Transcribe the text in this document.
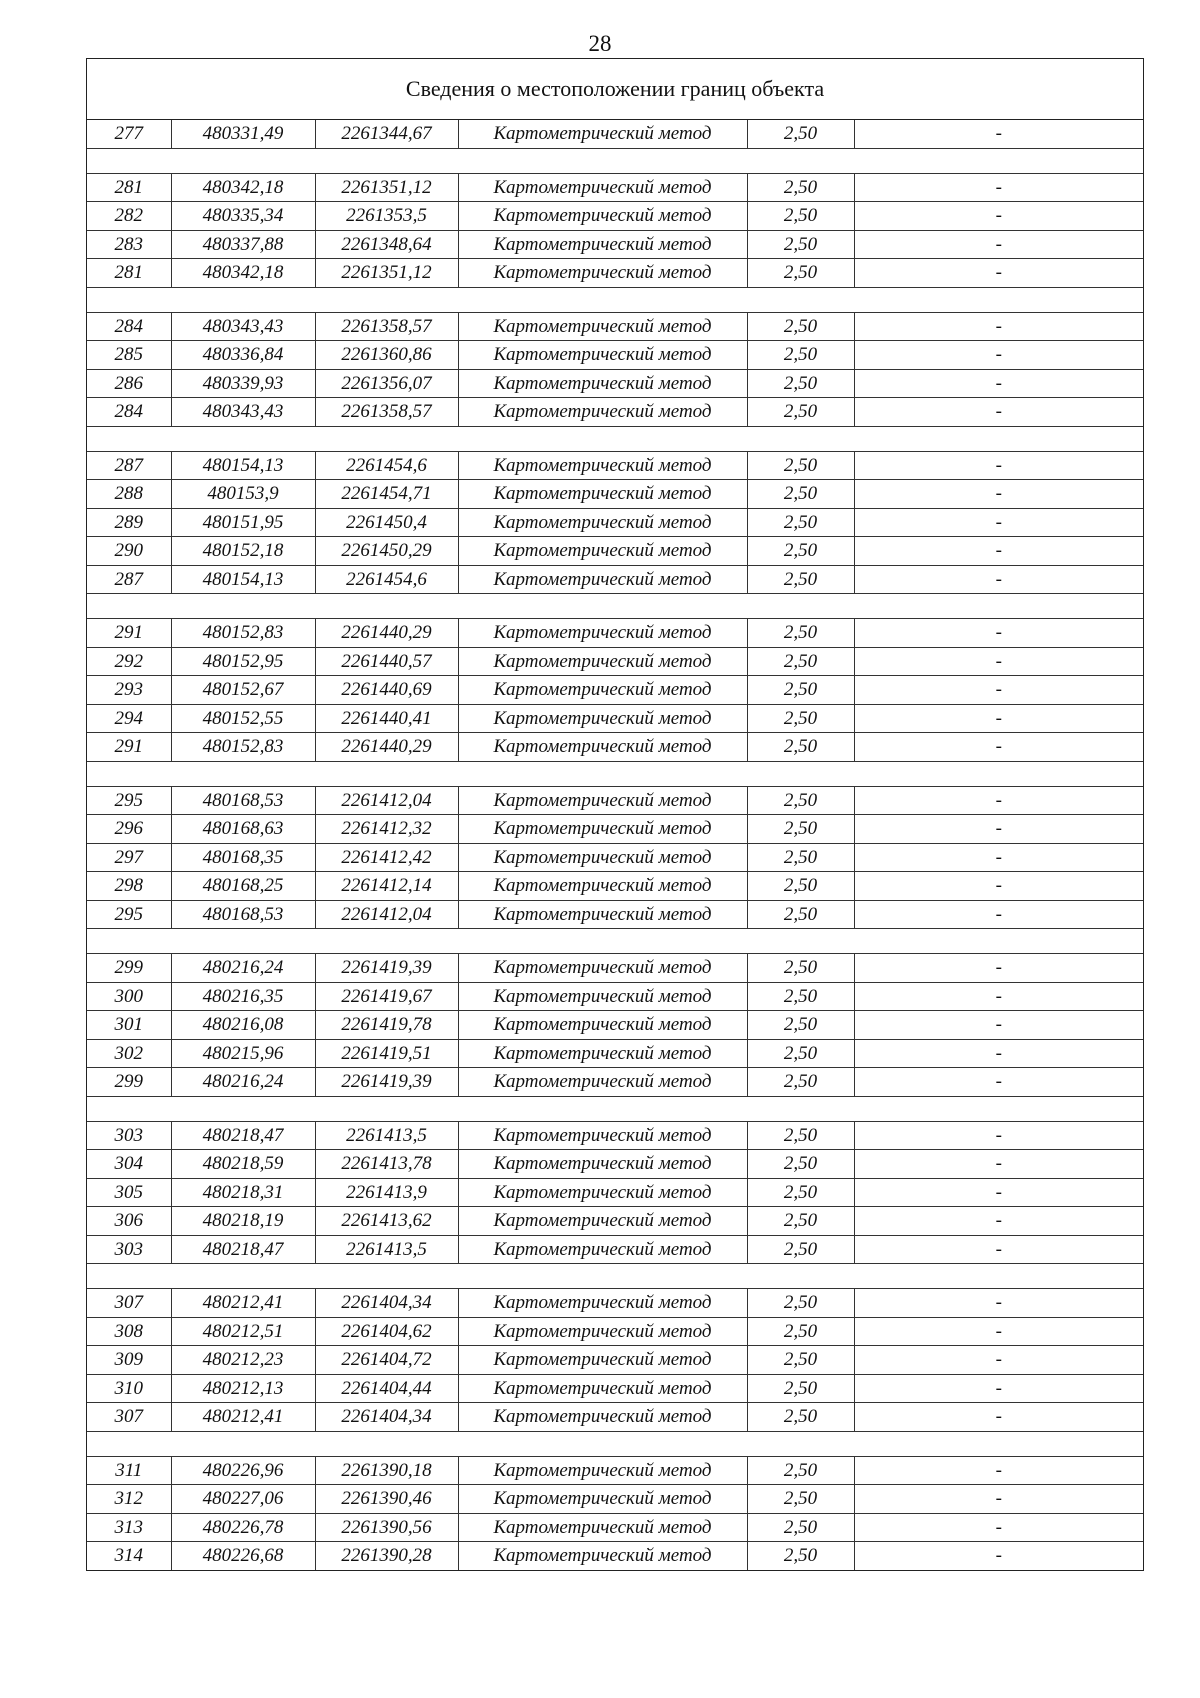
28
Сведения о местоположении границ объекта
277	480331,49	2261344,67	Картометрический метод	2,50	-

281	480342,18	2261351,12	Картометрический метод	2,50	-
282	480335,34	2261353,5	Картометрический метод	2,50	-
283	480337,88	2261348,64	Картометрический метод	2,50	-
281	480342,18	2261351,12	Картометрический метод	2,50	-

284	480343,43	2261358,57	Картометрический метод	2,50	-
285	480336,84	2261360,86	Картометрический метод	2,50	-
286	480339,93	2261356,07	Картометрический метод	2,50	-
284	480343,43	2261358,57	Картометрический метод	2,50	-

287	480154,13	2261454,6	Картометрический метод	2,50	-
288	480153,9	2261454,71	Картометрический метод	2,50	-
289	480151,95	2261450,4	Картометрический метод	2,50	-
290	480152,18	2261450,29	Картометрический метод	2,50	-
287	480154,13	2261454,6	Картометрический метод	2,50	-

291	480152,83	2261440,29	Картометрический метод	2,50	-
292	480152,95	2261440,57	Картометрический метод	2,50	-
293	480152,67	2261440,69	Картометрический метод	2,50	-
294	480152,55	2261440,41	Картометрический метод	2,50	-
291	480152,83	2261440,29	Картометрический метод	2,50	-

295	480168,53	2261412,04	Картометрический метод	2,50	-
296	480168,63	2261412,32	Картометрический метод	2,50	-
297	480168,35	2261412,42	Картометрический метод	2,50	-
298	480168,25	2261412,14	Картометрический метод	2,50	-
295	480168,53	2261412,04	Картометрический метод	2,50	-

299	480216,24	2261419,39	Картометрический метод	2,50	-
300	480216,35	2261419,67	Картометрический метод	2,50	-
301	480216,08	2261419,78	Картометрический метод	2,50	-
302	480215,96	2261419,51	Картометрический метод	2,50	-
299	480216,24	2261419,39	Картометрический метод	2,50	-

303	480218,47	2261413,5	Картометрический метод	2,50	-
304	480218,59	2261413,78	Картометрический метод	2,50	-
305	480218,31	2261413,9	Картометрический метод	2,50	-
306	480218,19	2261413,62	Картометрический метод	2,50	-
303	480218,47	2261413,5	Картометрический метод	2,50	-

307	480212,41	2261404,34	Картометрический метод	2,50	-
308	480212,51	2261404,62	Картометрический метод	2,50	-
309	480212,23	2261404,72	Картометрический метод	2,50	-
310	480212,13	2261404,44	Картометрический метод	2,50	-
307	480212,41	2261404,34	Картометрический метод	2,50	-

311	480226,96	2261390,18	Картометрический метод	2,50	-
312	480227,06	2261390,46	Картометрический метод	2,50	-
313	480226,78	2261390,56	Картометрический метод	2,50	-
314	480226,68	2261390,28	Картометрический метод	2,50	-
